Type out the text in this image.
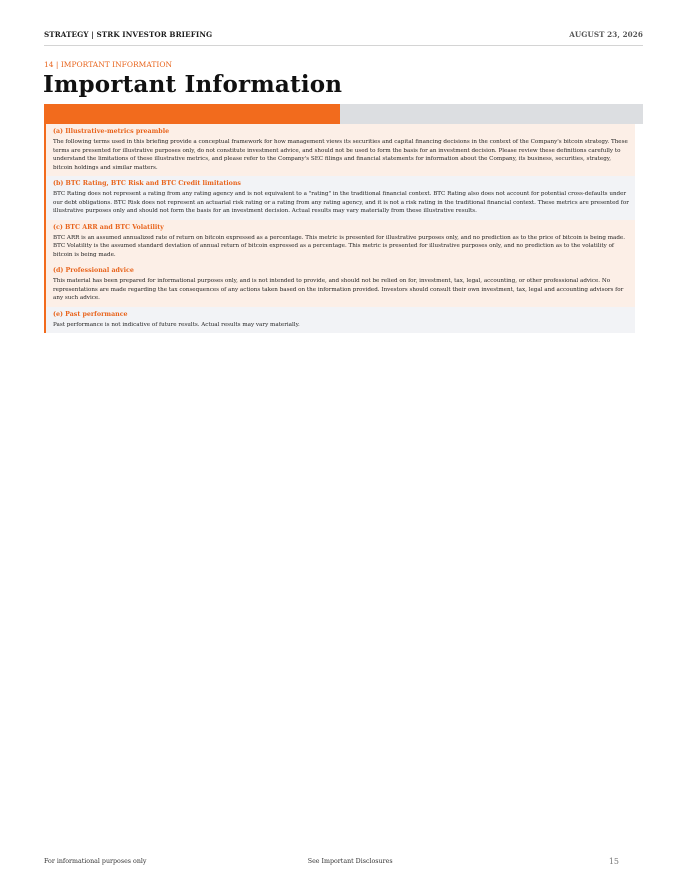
STRATEGY | STRK INVESTOR BRIEFING	AUGUST 23, 2026
14 | IMPORTANT INFORMATION
Important Information

(a) Illustrative-metrics preamble

The following terms used in this briefing provide a conceptual framework for how management views its securities and capital financing decisions in the context of the Company's bitcoin strategy. These terms are presented for illustrative purposes only, do not constitute investment advice, and should not be used to form the basis for an investment decision. Please review these definitions carefully to understand the limitations of these illustrative metrics, and please refer to the Company's SEC filings and financial statements for information about the Company, its business, securities, strategy, bitcoin holdings and similar matters.

(b) BTC Rating, BTC Risk and BTC Credit limitations

BTC Rating does not represent a rating from any rating agency and is not equivalent to a "rating" in the traditional financial context. BTC Rating also does not account for potential cross-defaults under our debt obligations. BTC Risk does not represent an actuarial risk rating or a rating from any rating agency, and it is not a risk rating in the traditional financial context. These metrics are presented for illustrative purposes only and should not form the basis for an investment decision. Actual results may vary materially from these illustrative results.

(c) BTC ARR and BTC Volatility

BTC ARR is an assumed annualized rate of return on bitcoin expressed as a percentage. This metric is presented for illustrative purposes only, and no prediction as to the price of bitcoin is being made. BTC Volatility is the assumed standard deviation of annual return of bitcoin expressed as a percentage. This metric is presented for illustrative purposes only, and no prediction as to the volatility of bitcoin is being made.

(d) Professional advice

This material has been prepared for informational purposes only, and is not intended to provide, and should not be relied on for, investment, tax, legal, accounting, or other professional advice. No representations are made regarding the tax consequences of any actions taken based on the information provided. Investors should consult their own investment, tax, legal and accounting advisors for any such advice.

(e) Past performance

Past performance is not indicative of future results. Actual results may vary materially.

For informational purposes only	See Important Disclosures	15
